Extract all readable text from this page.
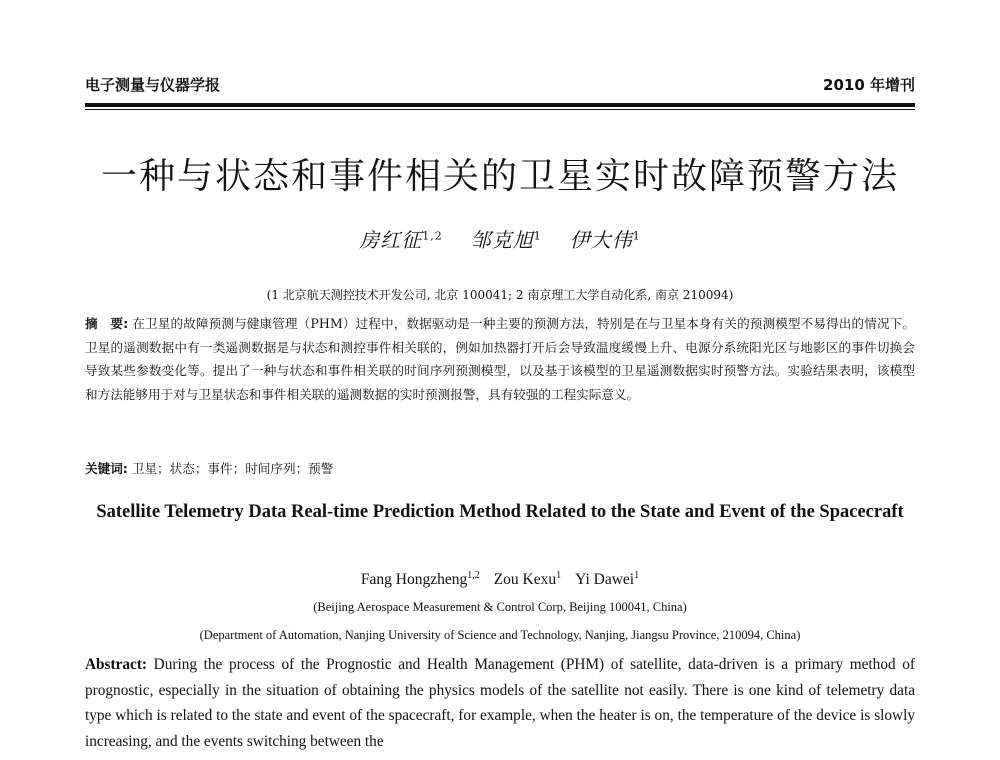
电子测量与仪器学报	2010 年增刊
一种与状态和事件相关的卫星实时故障预警方法
房红征$^{1,2}$ 邹克旭$^1$ 伊大伟$^1$
(1 北京航天测控技术开发公司, 北京 100041; 2 南京理工大学自动化系, 南京 210094)
摘　要: 在卫星的故障预测与健康管理（PHM）过程中，数据驱动是一种主要的预测方法，特别是在与卫星本身有关的预测模型不易得出的情况下。卫星的遥测数据中有一类遥测数据是与状态和测控事件相关联的，例如加热器打开后会导致温度缓慢上升、电源分系统阳光区与地影区的事件切换会导致某些参数变化等。提出了一种与状态和事件相关联的时间序列预测模型，以及基于该模型的卫星遥测数据实时预警方法。实验结果表明，该模型和方法能够用于对与卫星状态和事件相关联的遥测数据的实时预测报警，具有较强的工程实际意义。
关键词: 卫星；状态；事件；时间序列；预警
Satellite Telemetry Data Real-time Prediction Method Related to the State and Event of the Spacecraft
Fang Hongzheng$^{1,2}$ Zou Kexu$^1$ Yi Dawei$^1$
(Beijing Aerospace Measurement & Control Corp, Beijing 100041, China)
(Department of Automation, Nanjing University of Science and Technology, Nanjing, Jiangsu Province, 210094, China)
Abstract: During the process of the Prognostic and Health Management (PHM) of satellite, data-driven is a primary method of prognostic, especially in the situation of obtaining the physics models of the satellite not easily. There is one kind of telemetry data type which is related to the state and event of the spacecraft, for example, when the heater is on, the temperature of the device is slowly increasing, and the events switching between the
